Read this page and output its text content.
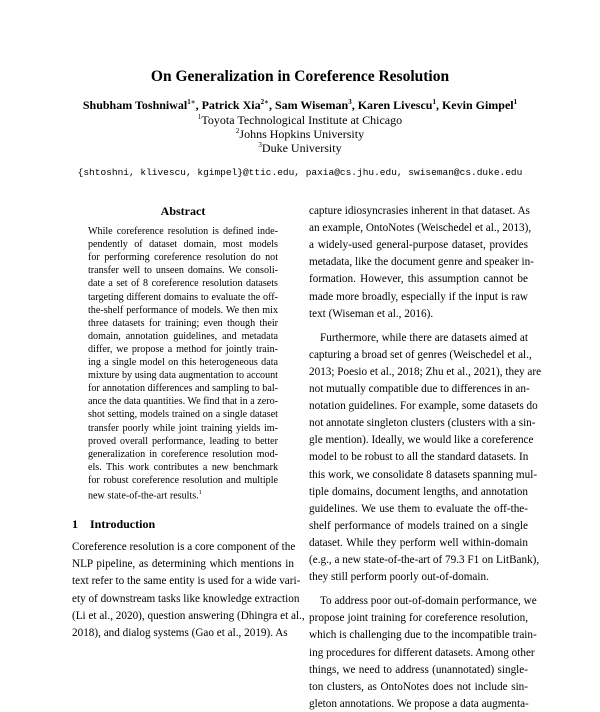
On Generalization in Coreference Resolution
Shubham Toshniwal$^{1∗}$, Patrick Xia$^{2∗}$, Sam Wiseman$^3$, Karen Livescu$^1$, Kevin Gimpel$^1$
$^1$Toyota Technological Institute at Chicago
$^2$Johns Hopkins University
$^3$Duke University
{shtoshni, klivescu, kgimpel}@ttic.edu, paxia@cs.jhu.edu, swiseman@cs.duke.edu
Abstract
While coreference resolution is defined inde-
pendently of dataset domain, most models
for performing coreference resolution do not
transfer well to unseen domains. We consoli-
date a set of 8 coreference resolution datasets
targeting different domains to evaluate the off-
the-shelf performance of models. We then mix
three datasets for training; even though their
domain, annotation guidelines, and metadata
differ, we propose a method for jointly train-
ing a single model on this heterogeneous data
mixture by using data augmentation to account
for annotation differences and sampling to bal-
ance the data quantities. We find that in a zero-
shot setting, models trained on a single dataset
transfer poorly while joint training yields im-
proved overall performance, leading to better
generalization in coreference resolution mod-
els. This work contributes a new benchmark
for robust coreference resolution and multiple
new state-of-the-art results.$^1$
1 Introduction
Coreference resolution is a core component of the
NLP pipeline, as determining which mentions in
text refer to the same entity is used for a wide vari-
ety of downstream tasks like knowledge extraction
(Li et al., 2020), question answering (Dhingra et al.,
2018), and dialog systems (Gao et al., 2019). As
capture idiosyncrasies inherent in that dataset. As
an example, OntoNotes (Weischedel et al., 2013),
a widely-used general-purpose dataset, provides
metadata, like the document genre and speaker in-
formation. However, this assumption cannot be
made more broadly, especially if the input is raw
text (Wiseman et al., 2016).
Furthermore, while there are datasets aimed at
capturing a broad set of genres (Weischedel et al.,
2013; Poesio et al., 2018; Zhu et al., 2021), they are
not mutually compatible due to differences in an-
notation guidelines. For example, some datasets do
not annotate singleton clusters (clusters with a sin-
gle mention). Ideally, we would like a coreference
model to be robust to all the standard datasets. In
this work, we consolidate 8 datasets spanning mul-
tiple domains, document lengths, and annotation
guidelines. We use them to evaluate the off-the-
shelf performance of models trained on a single
dataset. While they perform well within-domain
(e.g., a new state-of-the-art of 79.3 F1 on LitBank),
they still perform poorly out-of-domain.
To address poor out-of-domain performance, we
propose joint training for coreference resolution,
which is challenging due to the incompatible train-
ing procedures for different datasets. Among other
things, we need to address (unannotated) single-
ton clusters, as OntoNotes does not include sin-
gleton annotations. We propose a data augmenta-
